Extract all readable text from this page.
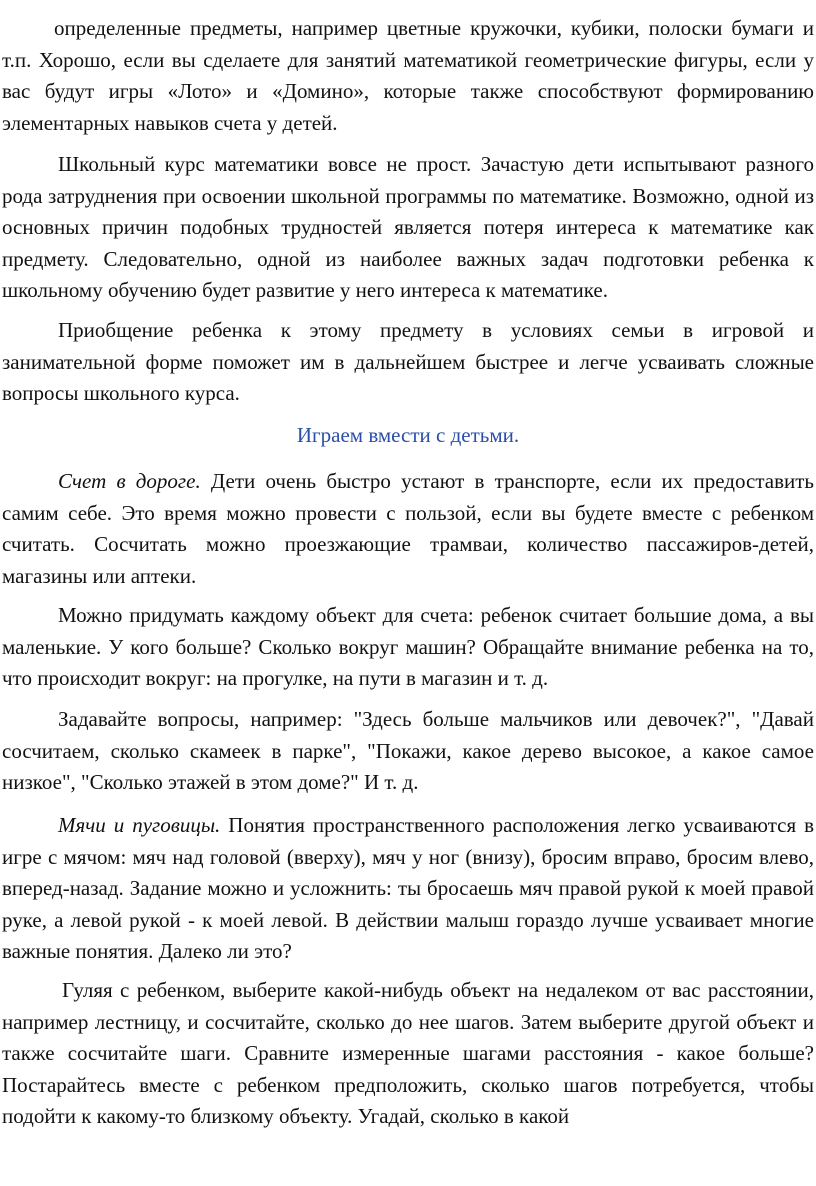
определенные предметы, например цветные кружочки, кубики, полоски бумаги и т.п. Хорошо, если вы сделаете для занятий математикой геометрические фигуры, если у вас будут игры «Лото» и «Домино», которые также способствуют формированию элементарных навыков счета у детей.

Школьный курс математики вовсе не прост. Зачастую дети испытывают разного рода затруднения при освоении школьной программы по математике. Возможно, одной из основных причин подобных трудностей является потеря интереса к математике как предмету. Следовательно, одной из наиболее важных задач подготовки ребенка к школьному обучению будет развитие у него интереса к математике.

Приобщение ребенка к этому предмету в условиях семьи в игровой и занимательной форме поможет им в дальнейшем быстрее и легче усваивать сложные вопросы школьного курса.

Играем вмести с детьми.

Счет в дороге. Дети очень быстро устают в транспорте, если их предоставить самим себе. Это время можно провести с пользой, если вы будете вместе с ребенком считать. Сосчитать можно проезжающие трамваи, количество пассажиров-детей, магазины или аптеки.

Можно придумать каждому объект для счета: ребенок считает большие дома, а вы маленькие. У кого больше? Сколько вокруг машин? Обращайте внимание ребенка на то, что происходит вокруг: на прогулке, на пути в магазин и т. д.

Задавайте вопросы, например: "Здесь больше мальчиков или девочек?", "Давай сосчитаем, сколько скамеек в парке", "Покажи, какое дерево высокое, а какое самое низкое", "Сколько этажей в этом доме?" И т. д.

Мячи и пуговицы. Понятия пространственного расположения легко усваиваются в игре с мячом: мяч над головой (вверху), мяч у ног (внизу), бросим вправо, бросим влево, вперед-назад. Задание можно и усложнить: ты бросаешь мяч правой рукой к моей правой руке, а левой рукой - к моей левой. В действии малыш гораздо лучше усваивает многие важные понятия. Далеко ли это?

Гуляя с ребенком, выберите какой-нибудь объект на недалеком от вас расстоянии, например лестницу, и сосчитайте, сколько до нее шагов. Затем выберите другой объект и также сосчитайте шаги. Сравните измеренные шагами расстояния - какое больше? Постарайтесь вместе с ребенком предположить, сколько шагов потребуется, чтобы подойти к какому-то близкому объекту. Угадай, сколько в какой
